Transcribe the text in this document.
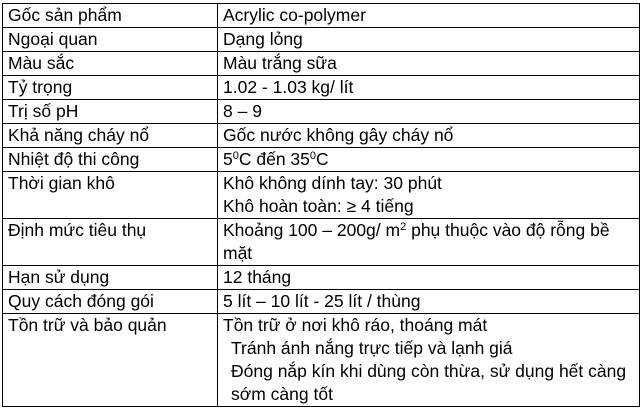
Gốc sản phẩm	Acrylic co-polymer
Ngoại quan	Dạng lỏng
Màu sắc	Màu trắng sữa
Tỷ trọng	1.02 - 1.03 kg/ lít
Trị số pH	8 – 9
Khả năng cháy nổ	Gốc nước không gây cháy nổ
Nhiệt độ thi công	$5^0C$ đến $35^0C$
Thời gian khô	Khô không dính tay: 30 phút
Khô hoàn toàn: ≥ 4 tiếng

Định mức tiêu thụ	Khoảng 100 – 200g/ $m^2$ phụ thuộc vào độ rỗng bề mặt
Hạn sử dụng	12 tháng
Quy cách đóng gói	5 lít – 10 lít - 25 lít / thùng
Tồn trữ và bảo quản	Tồn trữ ở nơi khô ráo, thoáng mát
Tránh ánh nắng trực tiếp và lạnh giá
Đóng nắp kín khi dùng còn thừa, sử dụng hết càng sớm càng tốt
